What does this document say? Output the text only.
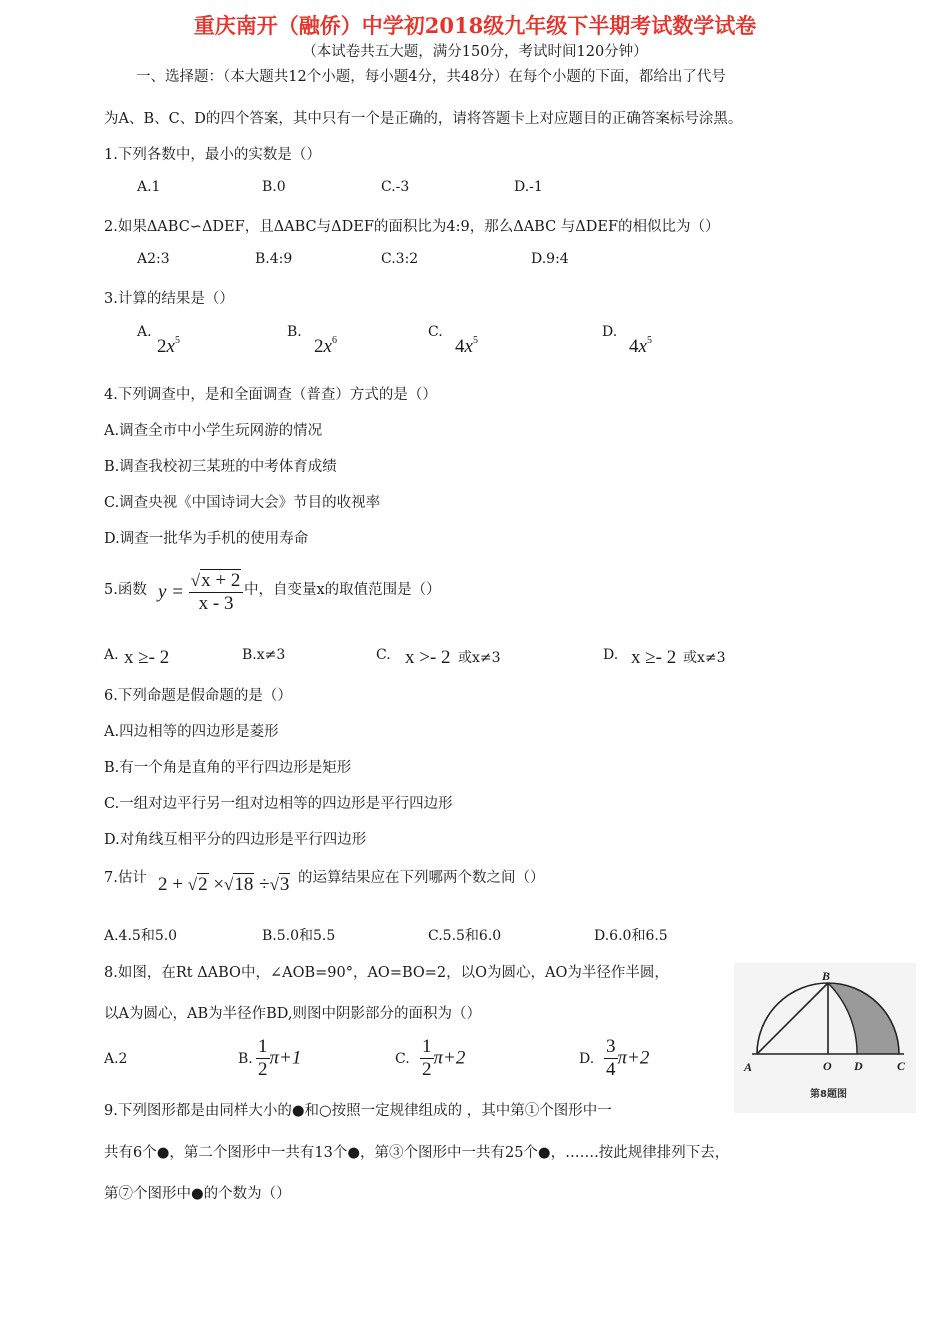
重庆南开（融侨）中学初2018级九年级下半期考试数学试卷
（本试卷共五大题，满分150分，考试时间120分钟）
一、选择题：（本大题共12个小题，每小题4分，共48分）在每个小题的下面，都给出了代号
为A、B、C、D的四个答案，其中只有一个是正确的，请将答题卡上对应题目的正确答案标号涂黑。
1.下列各数中，最小的实数是（）
A.1	B.0	C.-3	D.-1
2.如果ΔABC∽ΔDEF，且ΔABC与ΔDEF的面积比为4:9，那么ΔABC 与ΔDEF的相似比为（）
A2:3	B.4:9	C.3:2	D.9:4
3.计算的结果是（）
A.
$2x^5$
B.
$2x^6$
C.
$4x^5$
D.
$4x^5$
4.下列调查中，是和全面调查（普查）方式的是（）
A.调查全市中小学生玩网游的情况
B.调查我校初三某班的中考体育成绩
C.调查央视《中国诗词大会》节目的收视率
D.调查一批华为手机的使用寿命
5.函数 $y = \frac{√x + 2}{x - 3}$ 中，自变量x的取值范围是（）
A. x ≥- 2	B.x≠3	C. x >- 2 或x≠3	D. x ≥- 2 或x≠3
6.下列命题是假命题的是（）
A.四边相等的四边形是菱形
B.有一个角是直角的平行四边形是矩形
C.一组对边平行另一组对边相等的四边形是平行四边形
D.对角线互相平分的四边形是平行四边形
7.估计 2 + √2 ×√18 ÷√3 的运算结果应在下列哪两个数之间（）
A.4.5和5.0	B.5.0和5.5	C.5.5和6.0	D.6.0和6.5
8.如图，在Rt ΔABO中，∠AOB=90°，AO=BO=2，以O为圆心，AO为半径作半圆，
以A为圆心，AB为半径作BD,则图中阴影部分的面积为（）
A.2	B. $\frac{1}{2} \pi+1$	C. $\frac{1}{2} \pi+2$	D. $\frac{3}{4} \pi+2$	A
B
O D	C
第8题图
9.下列图形都是由同样大小的●和○按照一定规律组成的 ，其中第①个图形中一
共有6个●，第二个图形中一共有13个●，第③个图形中一共有25个●，…….按此规律排列下去，
第⑦个图形中●的个数为（）
